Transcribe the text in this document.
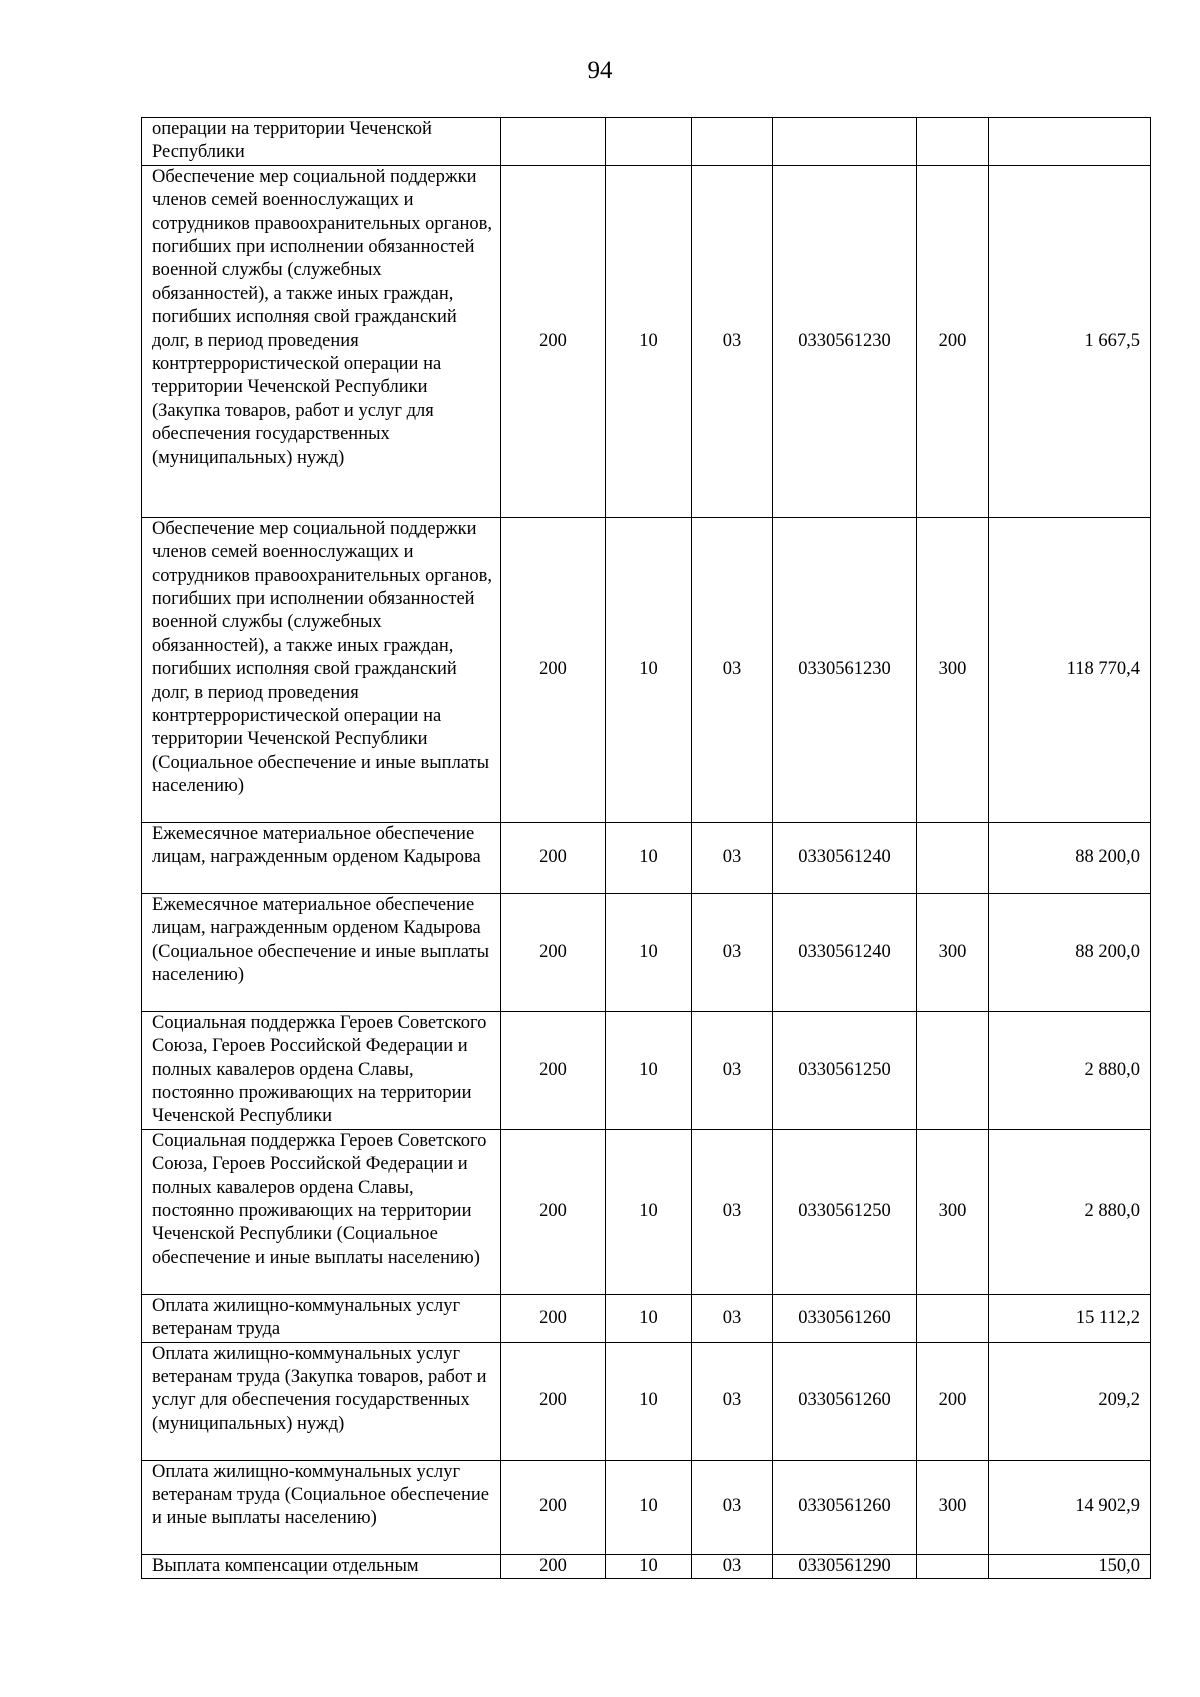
94
операции на территории Чеченской Республики						
Обеспечение мер социальной поддержки членов семей военнослужащих и сотрудников правоохранительных органов, погибших при исполнении обязанностей военной службы (служебных обязанностей), а также иных граждан, погибших исполняя свой гражданский долг, в период проведения контртеррористической операции на территории Чеченской Республики (Закупка товаров, работ и услуг для обеспечения государственных (муниципальных) нужд)	200	10	03	0330561230	200	1 667,5
Обеспечение мер социальной поддержки членов семей военнослужащих и сотрудников правоохранительных органов, погибших при исполнении обязанностей военной службы (служебных обязанностей), а также иных граждан, погибших исполняя свой гражданский долг, в период проведения контртеррористической операции на территории Чеченской Республики (Социальное обеспечение и иные выплаты населению)	200	10	03	0330561230	300	118 770,4
Ежемесячное материальное обеспечение лицам, награжденным орденом Кадырова	200	10	03	0330561240		88 200,0
Ежемесячное материальное обеспечение лицам, награжденным орденом Кадырова (Социальное обеспечение и иные выплаты населению)	200	10	03	0330561240	300	88 200,0
Социальная поддержка Героев Советского Союза, Героев Российской Федерации и полных кавалеров ордена Славы, постоянно проживающих на территории Чеченской Республики	200	10	03	0330561250		2 880,0
Социальная поддержка Героев Советского Союза, Героев Российской Федерации и полных кавалеров ордена Славы, постоянно проживающих на территории Чеченской Республики (Социальное обеспечение и иные выплаты населению)	200	10	03	0330561250	300	2 880,0
Оплата жилищно-коммунальных услуг ветеранам труда	200	10	03	0330561260		15 112,2
Оплата жилищно-коммунальных услуг ветеранам труда (Закупка товаров, работ и услуг для обеспечения государственных (муниципальных) нужд)	200	10	03	0330561260	200	209,2
Оплата жилищно-коммунальных услуг ветеранам труда (Социальное обеспечение и иные выплаты населению)	200	10	03	0330561260	300	14 902,9
Выплата компенсации отдельным	200	10	03	0330561290		150,0
